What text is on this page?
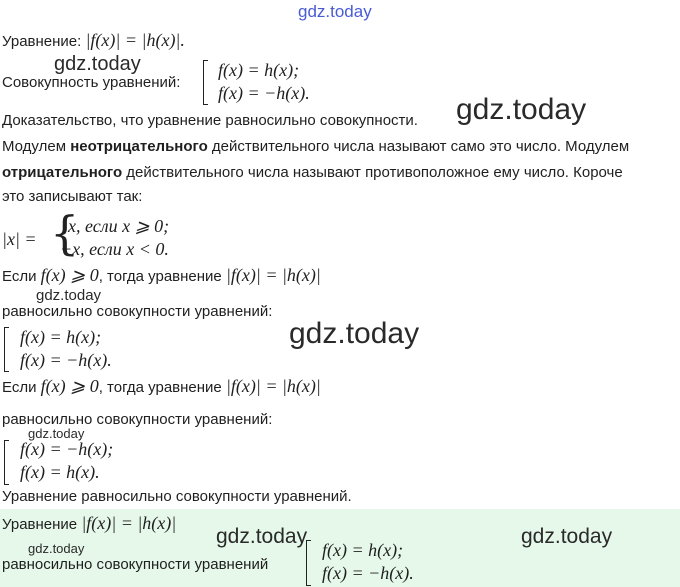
gdz.today
Уравнение: |f(x)| = |h(x)|.
gdz.today
Совокупность уравнений:
f(x) = h(x);
f(x) = −h(x).
Доказательство, что уравнение равносильно совокупности. gdz.today
Модулем неотрицательного действительного числа называют само это число. Модулем
отрицательного действительного числа называют противоположное ему число. Короче
это записывают так:
|x| = {
x, если x ⩾ 0;
−x, если x < 0.
Если f(x) ⩾ 0, тогда уравнение |f(x)| = |h(x)|
gdz.today
равносильно совокупности уравнений:
f(x) = h(x);
f(x) = −h(x).
gdz.today
Если f(x) ⩾ 0, тогда уравнение |f(x)| = |h(x)|
равносильно совокупности уравнений:
gdz.today
f(x) = −h(x);
f(x) = h(x).
Уравнение равносильно совокупности уравнений.
Уравнение |f(x)| = |h(x)|
gdz.today	gdz.today
gdz.today
равносильно совокупности уравнений
f(x) = h(x);
f(x) = −h(x).
